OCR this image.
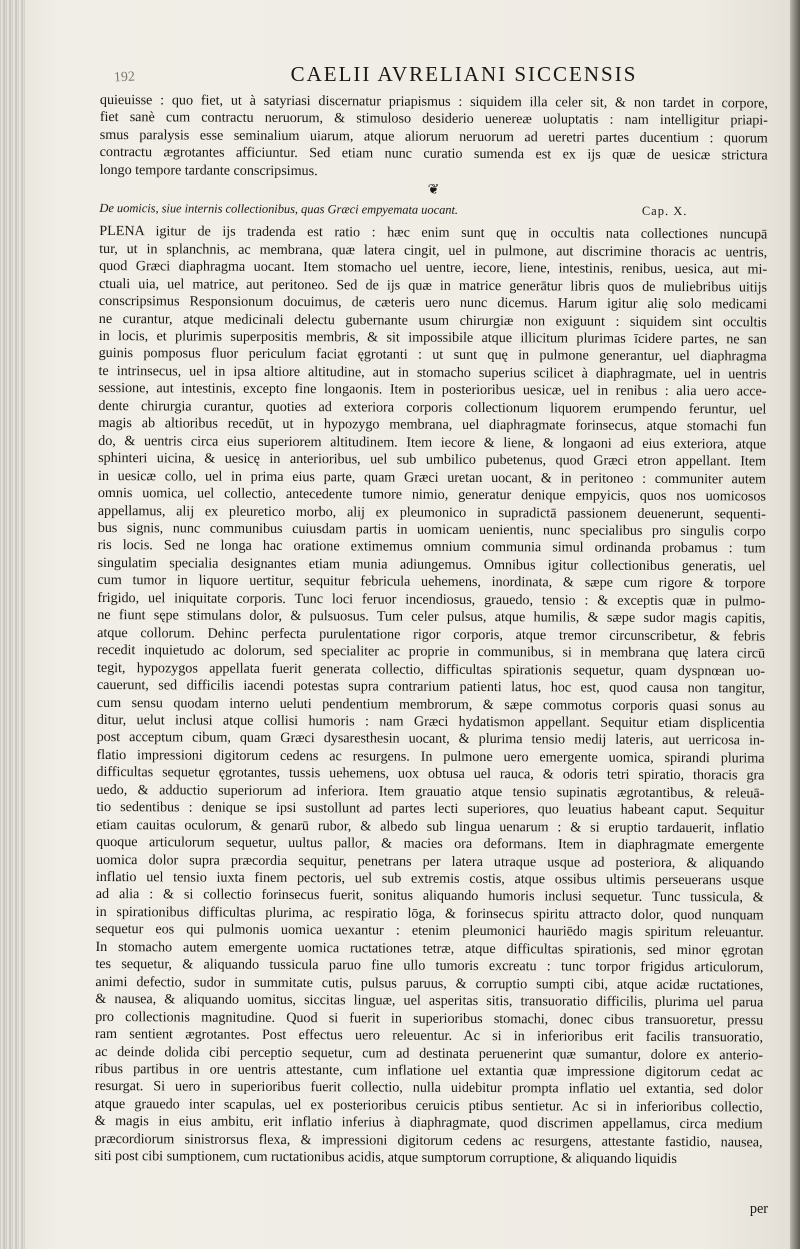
192	CAELII AVRELIANI SICCENSIS
quieuisse : quo fiet, ut à satyriasi discernatur priapismus : siquidem illa celer sit, & non tardet in corpore,
fiet sanè cum contractu neruorum, & stimuloso desiderio uenereæ uoluptatis : nam intelligitur priapi-
smus paralysis esse seminalium uiarum, atque aliorum neruorum ad ueretri partes ducentium : quorum
contractu ægrotantes afficiuntur. Sed etiam nunc curatio sumenda est ex ijs quæ de uesicæ strictura
longo tempore tardante conscripsimus.
❦
De uomicis, siue internis collectionibus, quas Græci empyemata uocant.	Cap. X.
PLENA igitur de ijs tradenda est ratio : hæc enim sunt quę in occultis nata collectiones nuncupā
tur, ut in splanchnis, ac membrana, quæ latera cingit, uel in pulmone, aut discrimine thoracis ac uentris,
quod Græci diaphragma uocant. Item stomacho uel uentre, iecore, liene, intestinis, renibus, uesica, aut mi-
ctuali uia, uel matrice, aut peritoneo. Sed de ijs quæ in matrice generātur libris quos de muliebribus uitijs
conscripsimus Responsionum docuimus, de cæteris uero nunc dicemus. Harum igitur alię solo medicami
ne curantur, atque medicinali delectu gubernante usum chirurgiæ non exiguunt : siquidem sint occultis
in locis, et plurimis superpositis membris, & sit impossibile atque illicitum plurimas īcidere partes, ne san
guinis pomposus fluor periculum faciat ęgrotanti : ut sunt quę in pulmone generantur, uel diaphragma
te intrinsecus, uel in ipsa altiore altitudine, aut in stomacho superius scilicet à diaphragmate, uel in uentris
sessione, aut intestinis, excepto fine longaonis. Item in posterioribus uesicæ, uel in renibus : alia uero acce-
dente chirurgia curantur, quoties ad exteriora corporis collectionum liquorem erumpendo feruntur, uel
magis ab altioribus recedūt, ut in hypozygo membrana, uel diaphragmate forinsecus, atque stomachi fun
do, & uentris circa eius superiorem altitudinem. Item iecore & liene, & longaoni ad eius exteriora, atque
sphinteri uicina, & uesicę in anterioribus, uel sub umbilico pubetenus, quod Græci etron appellant. Item
in uesicæ collo, uel in prima eius parte, quam Græci uretan uocant, & in peritoneo : communiter autem
omnis uomica, uel collectio, antecedente tumore nimio, generatur denique empyicis, quos nos uomicosos
appellamus, alij ex pleuretico morbo, alij ex pleumonico in supradictā passionem deuenerunt, sequenti-
bus signis, nunc communibus cuiusdam partis in uomicam uenientis, nunc specialibus pro singulis corpo
ris locis. Sed ne longa hac oratione extimemus omnium communia simul ordinanda probamus : tum
singulatim specialia designantes etiam munia adiungemus. Omnibus igitur collectionibus generatis, uel
cum tumor in liquore uertitur, sequitur febricula uehemens, inordinata, & sæpe cum rigore & torpore
frigido, uel iniquitate corporis. Tunc loci feruor incendiosus, grauedo, tensio : & exceptis quæ in pulmo-
ne fiunt sępe stimulans dolor, & pulsuosus. Tum celer pulsus, atque humilis, & sæpe sudor magis capitis,
atque collorum. Dehinc perfecta purulentatione rigor corporis, atque tremor circunscribetur, & febris
recedit inquietudo ac dolorum, sed specialiter ac proprie in communibus, si in membrana quę latera circū
tegit, hypozygos appellata fuerit generata collectio, difficultas spirationis sequetur, quam dyspnœan uo-
cauerunt, sed difficilis iacendi potestas supra contrarium patienti latus, hoc est, quod causa non tangitur,
cum sensu quodam interno ueluti pendentium membrorum, & sæpe commotus corporis quasi sonus au
ditur, uelut inclusi atque collisi humoris : nam Græci hydatismon appellant. Sequitur etiam displicentia
post acceptum cibum, quam Græci dysaresthesin uocant, & plurima tensio medij lateris, aut uerricosa in-
flatio impressioni digitorum cedens ac resurgens. In pulmone uero emergente uomica, spirandi plurima
difficultas sequetur ęgrotantes, tussis uehemens, uox obtusa uel rauca, & odoris tetri spiratio, thoracis gra
uedo, & adductio superiorum ad inferiora. Item grauatio atque tensio supinatis ægrotantibus, & releuā-
tio sedentibus : denique se ipsi sustollunt ad partes lecti superiores, quo leuatius habeant caput. Sequitur
etiam cauitas oculorum, & genarū rubor, & albedo sub lingua uenarum : & si eruptio tardauerit, inflatio
quoque articulorum sequetur, uultus pallor, & macies ora deformans. Item in diaphragmate emergente
uomica dolor supra præcordia sequitur, penetrans per latera utraque usque ad posteriora, & aliquando
inflatio uel tensio iuxta finem pectoris, uel sub extremis costis, atque ossibus ultimis perseuerans usque
ad alia : & si collectio forinsecus fuerit, sonitus aliquando humoris inclusi sequetur. Tunc tussicula, &
in spirationibus difficultas plurima, ac respiratio lōga, & forinsecus spiritu attracto dolor, quod nunquam
sequetur eos qui pulmonis uomica uexantur : etenim pleumonici hauriēdo magis spiritum releuantur.
In stomacho autem emergente uomica ructationes tetræ, atque difficultas spirationis, sed minor ęgrotan
tes sequetur, & aliquando tussicula paruo fine ullo tumoris excreatu : tunc torpor frigidus articulorum,
animi defectio, sudor in summitate cutis, pulsus paruus, & corruptio sumpti cibi, atque acidæ ructationes,
& nausea, & aliquando uomitus, siccitas linguæ, uel asperitas sitis, transuoratio difficilis, plurima uel parua
pro collectionis magnitudine. Quod si fuerit in superioribus stomachi, donec cibus transuoretur, pressu
ram sentient ægrotantes. Post effectus uero releuentur. Ac si in inferioribus erit facilis transuoratio,
ac deinde dolida cibi perceptio sequetur, cum ad destinata peruenerint quæ sumantur, dolore ex anterio-
ribus partibus in ore uentris attestante, cum inflatione uel extantia quæ impressione digitorum cedat ac
resurgat. Si uero in superioribus fuerit collectio, nulla uidebitur prompta inflatio uel extantia, sed dolor
atque grauedo inter scapulas, uel ex posterioribus ceruicis ptibus sentietur. Ac si in inferioribus collectio,
& magis in eius ambitu, erit inflatio inferius à diaphragmate, quod discrimen appellamus, circa medium
præcordiorum sinistrorsus flexa, & impressioni digitorum cedens ac resurgens, attestante fastidio, nausea,
siti post cibi sumptionem, cum ructationibus acidis, atque sumptorum corruptione, & aliquando liquidis
per
